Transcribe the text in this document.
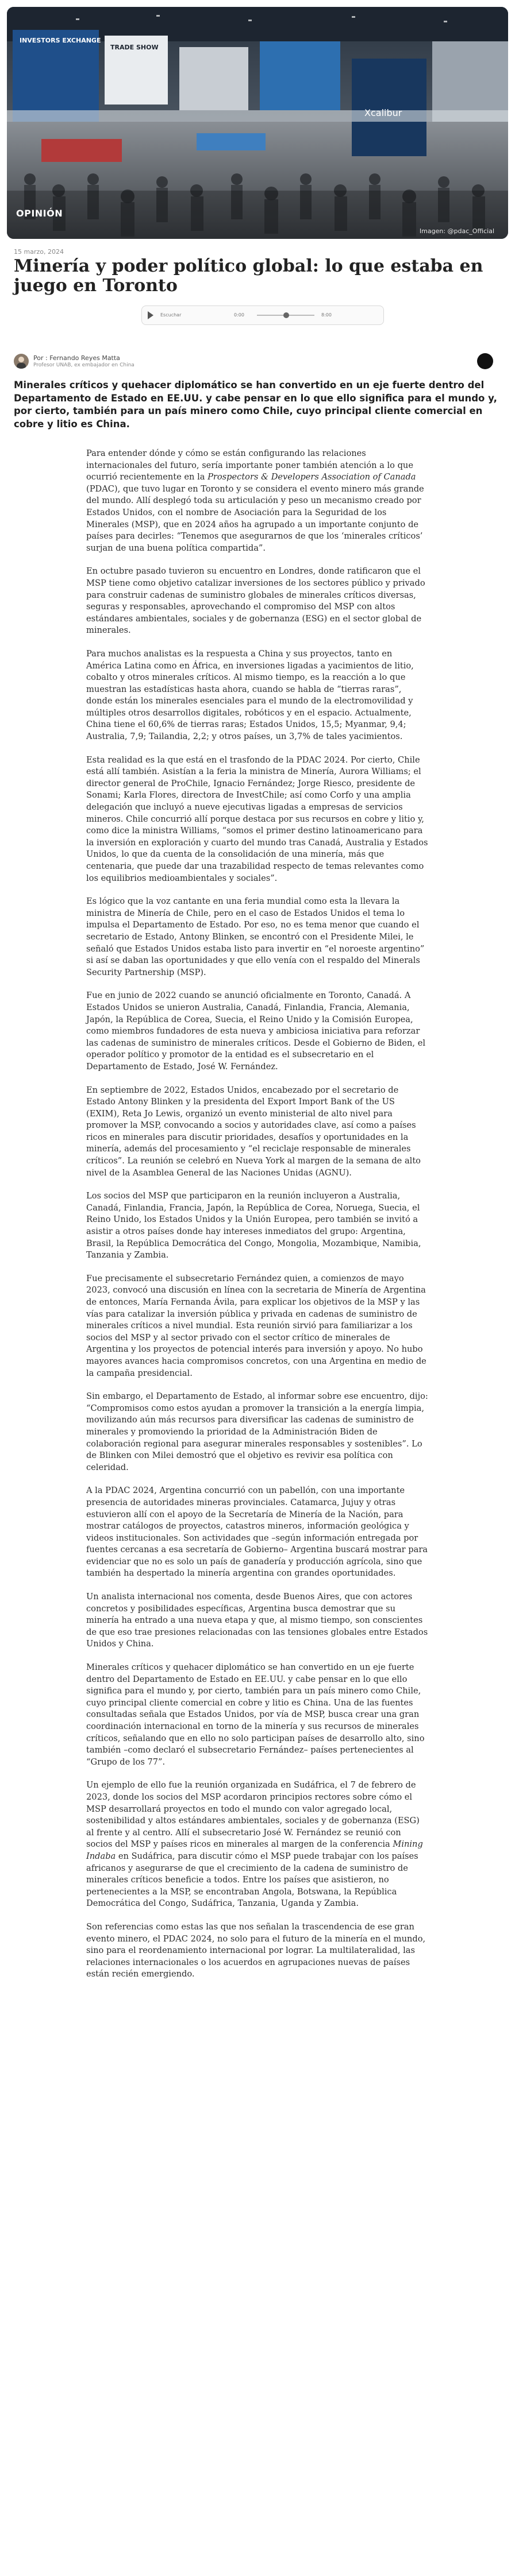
INVESTORS EXCHANGE
TRADE SHOW
Xcalibur
OPINIÓN
Imagen: @pdac_Official
15 marzo, 2024
Minería y poder político global: lo que estaba en juego en Toronto
Escuchar	0:00	8:00
Por : Fernando Reyes Matta
Profesor UNAB, ex embajador en China

Minerales críticos y quehacer diplomático se han convertido en un eje fuerte dentro del Departamento de Estado en EE.UU. y cabe pensar en lo que ello significa para el mundo y, por cierto, también para un país minero como Chile, cuyo principal cliente comercial en cobre y litio es China.

Para entender dónde y cómo se están configurando las relaciones internacionales del futuro, sería importante poner también atención a lo que ocurrió recientemente en la Prospectors & Developers Association of Canada (PDAC), que tuvo lugar en Toronto y se considera el evento minero más grande del mundo. Allí desplegó toda su articulación y peso un mecanismo creado por Estados Unidos, con el nombre de Asociación para la Seguridad de los Minerales (MSP), que en 2024 años ha agrupado a un importante conjunto de países para decirles: “Tenemos que asegurarnos de que los ‘minerales críticos’ surjan de una buena política compartida”.

En octubre pasado tuvieron su encuentro en Londres, donde ratificaron que el MSP tiene como objetivo catalizar inversiones de los sectores público y privado para construir cadenas de suministro globales de minerales críticos diversas, seguras y responsables, aprovechando el compromiso del MSP con altos estándares ambientales, sociales y de gobernanza (ESG) en el sector global de minerales.

Para muchos analistas es la respuesta a China y sus proyectos, tanto en América Latina como en África, en inversiones ligadas a yacimientos de litio, cobalto y otros minerales críticos. Al mismo tiempo, es la reacción a lo que muestran las estadísticas hasta ahora, cuando se habla de “tierras raras”, donde están los minerales esenciales para el mundo de la electromovilidad y múltiples otros desarrollos digitales, robóticos y en el espacio. Actualmente, China tiene el 60,6% de tierras raras; Estados Unidos, 15,5; Myanmar, 9,4; Australia, 7,9; Tailandia, 2,2; y otros países, un 3,7% de tales yacimientos.

Esta realidad es la que está en el trasfondo de la PDAC 2024. Por cierto, Chile está allí también. Asistían a la feria la ministra de Minería, Aurora Williams; el director general de ProChile, Ignacio Fernández; Jorge Riesco, presidente de Sonami; Karla Flores, directora de InvestChile; así como Corfo y una amplia delegación que incluyó a nueve ejecutivas ligadas a empresas de servicios mineros. Chile concurrió allí porque destaca por sus recursos en cobre y litio y, como dice la ministra Williams, “somos el primer destino latinoamericano para la inversión en exploración y cuarto del mundo tras Canadá, Australia y Estados Unidos, lo que da cuenta de la consolidación de una minería, más que centenaria, que puede dar una trazabilidad respecto de temas relevantes como los equilibrios medioambientales y sociales”.

Es lógico que la voz cantante en una feria mundial como esta la llevara la ministra de Minería de Chile, pero en el caso de Estados Unidos el tema lo impulsa el Departamento de Estado. Por eso, no es tema menor que cuando el secretario de Estado, Antony Blinken, se encontró con el Presidente Milei, le señaló que Estados Unidos estaba listo para invertir en “el noroeste argentino” si así se daban las oportunidades y que ello venía con el respaldo del Minerals Security Partnership (MSP).

Fue en junio de 2022 cuando se anunció oficialmente en Toronto, Canadá. A Estados Unidos se unieron Australia, Canadá, Finlandia, Francia, Alemania, Japón, la República de Corea, Suecia, el Reino Unido y la Comisión Europea, como miembros fundadores de esta nueva y ambiciosa iniciativa para reforzar las cadenas de suministro de minerales críticos. Desde el Gobierno de Biden, el operador político y promotor de la entidad es el subsecretario en el Departamento de Estado, José W. Fernández.

En septiembre de 2022, Estados Unidos, encabezado por el secretario de Estado Antony Blinken y la presidenta del Export Import Bank of the US (EXIM), Reta Jo Lewis, organizó un evento ministerial de alto nivel para promover la MSP, convocando a socios y autoridades clave, así como a países ricos en minerales para discutir prioridades, desafíos y oportunidades en la minería, además del procesamiento y “el reciclaje responsable de minerales críticos”. La reunión se celebró en Nueva York al margen de la semana de alto nivel de la Asamblea General de las Naciones Unidas (AGNU).

Los socios del MSP que participaron en la reunión incluyeron a Australia, Canadá, Finlandia, Francia, Japón, la República de Corea, Noruega, Suecia, el Reino Unido, los Estados Unidos y la Unión Europea, pero también se invitó a asistir a otros países donde hay intereses inmediatos del grupo: Argentina, Brasil, la República Democrática del Congo, Mongolia, Mozambique, Namibia, Tanzania y Zambia.

Fue precisamente el subsecretario Fernández quien, a comienzos de mayo 2023, convocó una discusión en línea con la secretaria de Minería de Argentina de entonces, María Fernanda Ávila, para explicar los objetivos de la MSP y las vías para catalizar la inversión pública y privada en cadenas de suministro de minerales críticos a nivel mundial. Esta reunión sirvió para familiarizar a los socios del MSP y al sector privado con el sector crítico de minerales de Argentina y los proyectos de potencial interés para inversión y apoyo. No hubo mayores avances hacia compromisos concretos, con una Argentina en medio de la campaña presidencial.

Sin embargo, el Departamento de Estado, al informar sobre ese encuentro, dijo: “Compromisos como estos ayudan a promover la transición a la energía limpia, movilizando aún más recursos para diversificar las cadenas de suministro de minerales y promoviendo la prioridad de la Administración Biden de colaboración regional para asegurar minerales responsables y sostenibles”. Lo de Blinken con Milei demostró que el objetivo es revivir esa política con celeridad.

A la PDAC 2024, Argentina concurrió con un pabellón, con una importante presencia de autoridades mineras provinciales. Catamarca, Jujuy y otras estuvieron allí con el apoyo de la Secretaría de Minería de la Nación, para mostrar catálogos de proyectos, catastros mineros, información geológica y videos institucionales. Son actividades que –según información entregada por fuentes cercanas a esa secretaría de Gobierno– Argentina buscará mostrar para evidenciar que no es solo un país de ganadería y producción agrícola, sino que también ha despertado la minería argentina con grandes oportunidades.

Un analista internacional nos comenta, desde Buenos Aires, que con actores concretos y posibilidades específicas, Argentina busca demostrar que su minería ha entrado a una nueva etapa y que, al mismo tiempo, son conscientes de que eso trae presiones relacionadas con las tensiones globales entre Estados Unidos y China.

Minerales críticos y quehacer diplomático se han convertido en un eje fuerte dentro del Departamento de Estado en EE.UU. y cabe pensar en lo que ello significa para el mundo y, por cierto, también para un país minero como Chile, cuyo principal cliente comercial en cobre y litio es China. Una de las fuentes consultadas señala que Estados Unidos, por vía de MSP, busca crear una gran coordinación internacional en torno de la minería y sus recursos de minerales críticos, señalando que en ello no solo participan países de desarrollo alto, sino también –como declaró el subsecretario Fernández– países pertenecientes al “Grupo de los 77”.

Un ejemplo de ello fue la reunión organizada en Sudáfrica, el 7 de febrero de 2023, donde los socios del MSP acordaron principios rectores sobre cómo el MSP desarrollará proyectos en todo el mundo con valor agregado local, sostenibilidad y altos estándares ambientales, sociales y de gobernanza (ESG) al frente y al centro. Allí el subsecretario José W. Fernández se reunió con socios del MSP y países ricos en minerales al margen de la conferencia Mining Indaba en Sudáfrica, para discutir cómo el MSP puede trabajar con los países africanos y asegurarse de que el crecimiento de la cadena de suministro de minerales críticos beneficie a todos. Entre los países que asistieron, no pertenecientes a la MSP, se encontraban Angola, Botswana, la República Democrática del Congo, Sudáfrica, Tanzania, Uganda y Zambia.

Son referencias como estas las que nos señalan la trascendencia de ese gran evento minero, el PDAC 2024, no solo para el futuro de la minería en el mundo, sino para el reordenamiento internacional por lograr. La multilateralidad, las relaciones internacionales o los acuerdos en agrupaciones nuevas de países están recién emergiendo.
